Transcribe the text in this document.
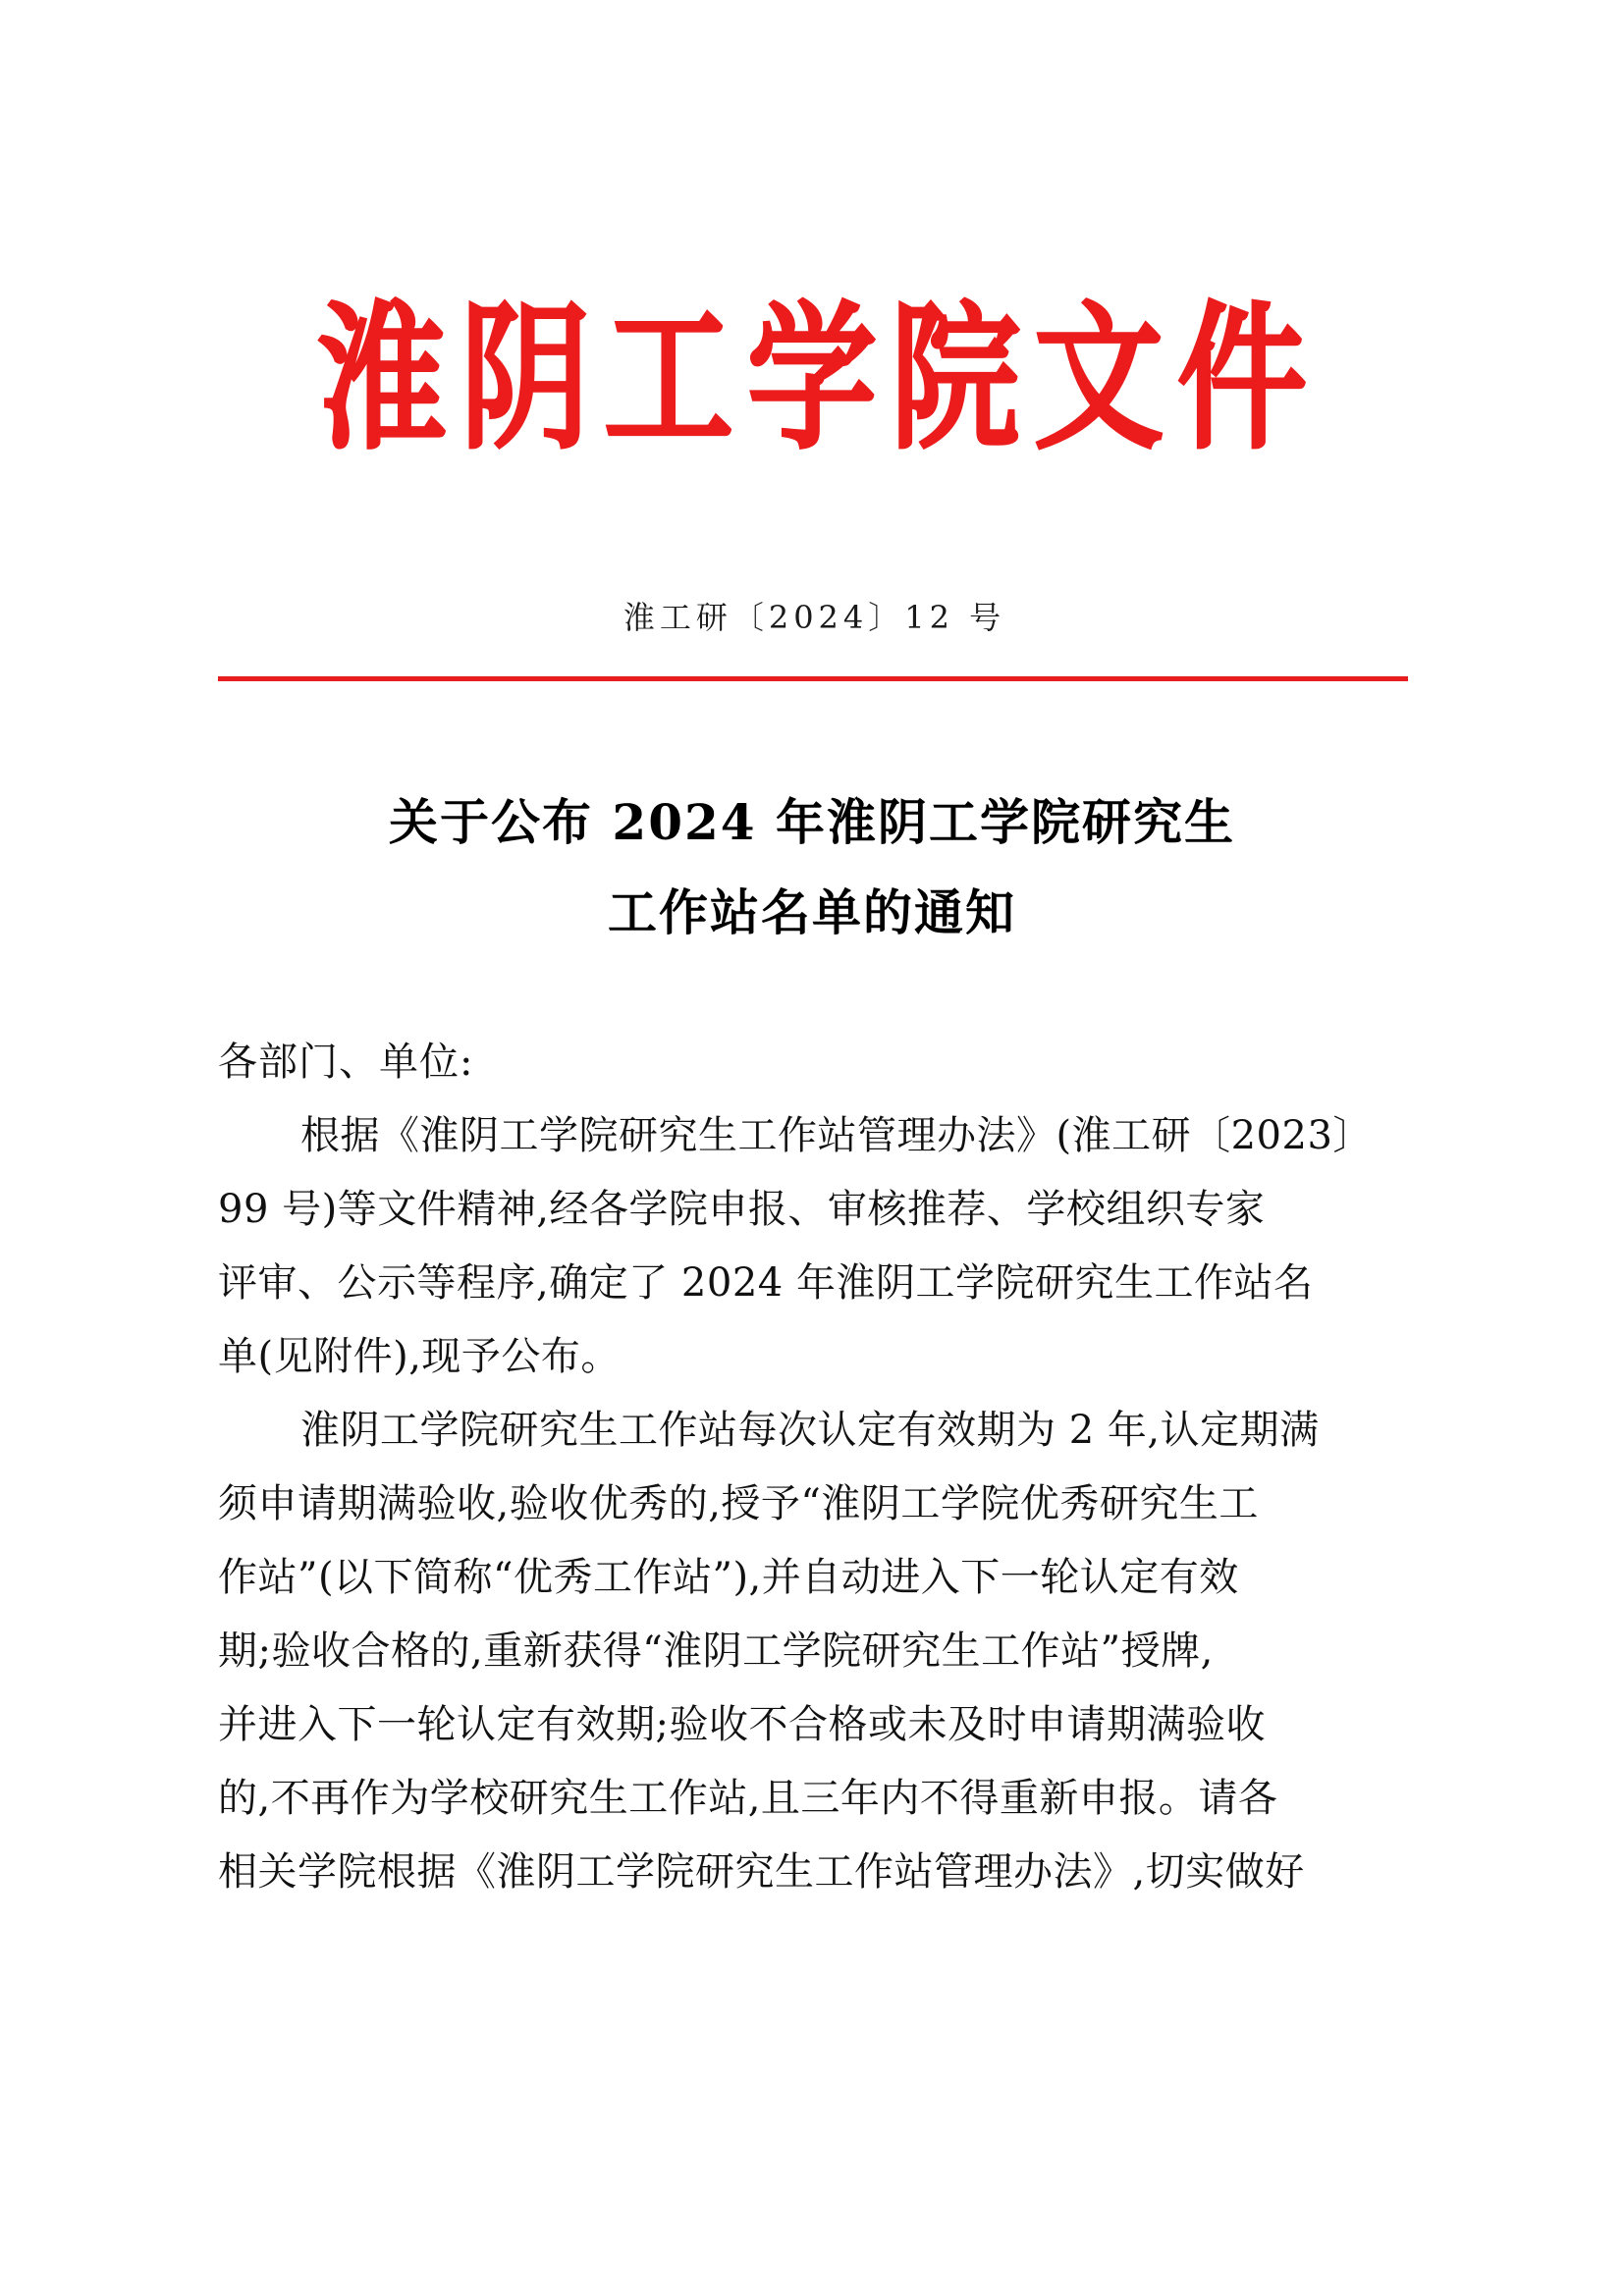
淮阴工学院文件
淮工研〔2024〕12 号
关于公布 2024 年淮阴工学院研究生
工作站名单的通知
各部门、单位:
根据《淮阴工学院研究生工作站管理办法》(淮工研〔2023〕
99 号)等文件精神,经各学院申报、审核推荐、学校组织专家
评审、公示等程序,确定了 2024 年淮阴工学院研究生工作站名
单(见附件),现予公布。
淮阴工学院研究生工作站每次认定有效期为 2 年,认定期满
须申请期满验收,验收优秀的,授予“淮阴工学院优秀研究生工
作站”(以下简称“优秀工作站”),并自动进入下一轮认定有效
期;验收合格的,重新获得“淮阴工学院研究生工作站”授牌,
并进入下一轮认定有效期;验收不合格或未及时申请期满验收
的,不再作为学校研究生工作站,且三年内不得重新申报。请各
相关学院根据《淮阴工学院研究生工作站管理办法》,切实做好
